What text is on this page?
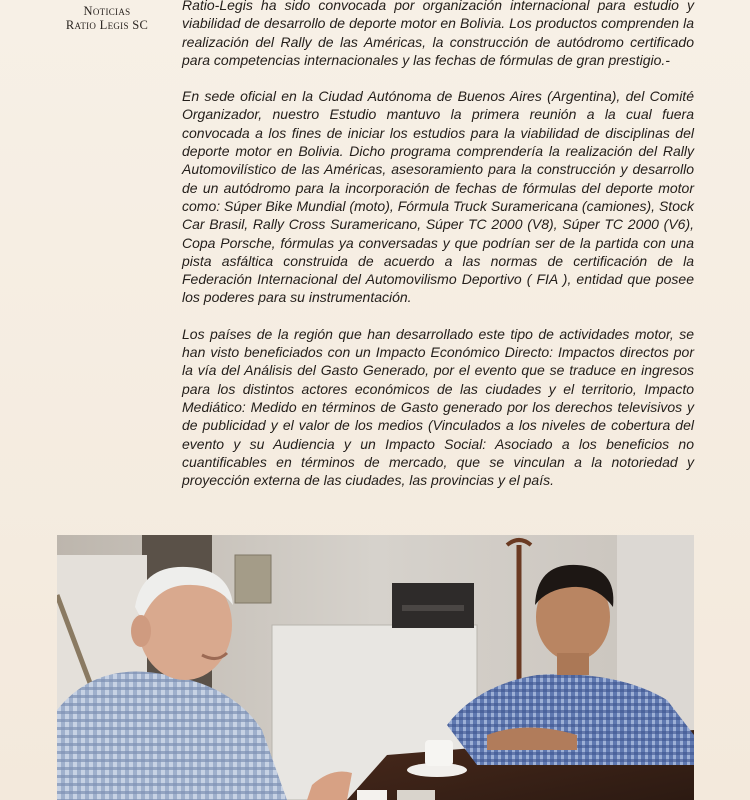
Noticias
Ratio Legis SC

Ratio-Legis ha sido convocada por organización internacional para estudio y viabilidad de desarrollo de deporte motor en Bolivia. Los productos comprenden la realización del Rally de las Américas, la construcción de autódromo certificado para competencias internacionales y las fechas de fórmulas de gran prestigio.-

En sede oficial en la Ciudad Autónoma de Buenos Aires (Argentina), del Comité Organizador, nuestro Estudio mantuvo la primera reunión a la cual fuera convocada a los fines de iniciar los estudios para la viabilidad de disciplinas del deporte motor en Bolivia. Dicho programa comprendería la realización del Rally Automovilístico de las Américas, asesoramiento para la construcción y desarrollo de un autódromo para la incorporación de fechas de fórmulas del deporte motor como: Súper Bike Mundial (moto), Fórmula Truck Suramericana (camiones), Stock Car Brasil, Rally Cross Suramericano, Súper TC 2000 (V8), Súper TC 2000 (V6), Copa Porsche, fórmulas ya conversadas y que podrían ser de la partida con una pista asfáltica construida de acuerdo a las normas de certificación de la Federación Internacional del Automovilismo Deportivo ( FIA ), entidad que posee los poderes para su instrumentación.

Los países de la región que han desarrollado este tipo de actividades motor, se han visto beneficiados con un Impacto Económico Directo: Impactos directos por la vía del Análisis del Gasto Generado, por el evento que se traduce en ingresos para los distintos actores económicos de las ciudades y el territorio, Impacto Mediático: Medido en términos de Gasto generado por los derechos televisivos y de publicidad y el valor de los medios (Vinculados a los niveles de cobertura del evento y su Audiencia y un Impacto Social: Asociado a los beneficios no cuantificables en términos de mercado, que se vinculan a la notoriedad y proyección externa de las ciudades, las provincias y el país.
